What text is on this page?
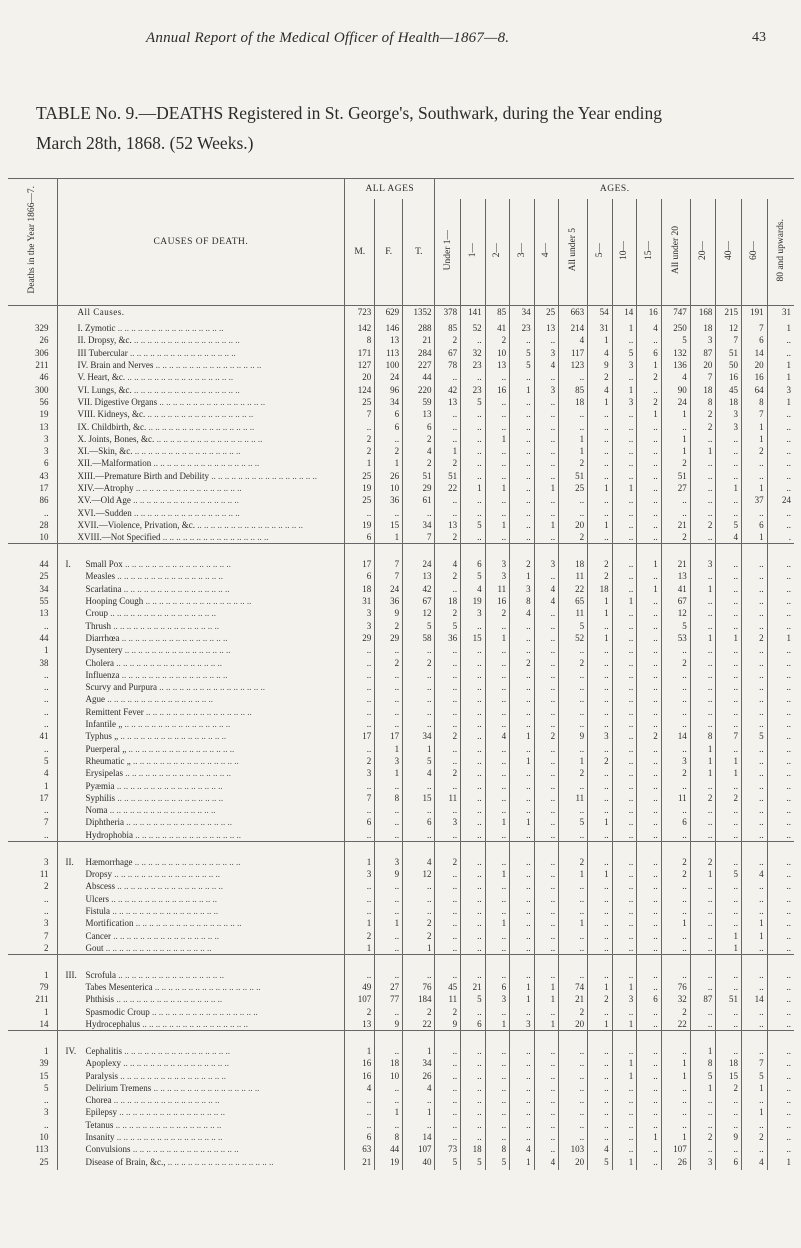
Annual Report of the Medical Officer of Health—1867—8.	43
TABLE No. 9.—DEATHS Registered in St. George's, Southwark, during the Year ending
March 28th, 1868. (52 Weeks.)
Deaths in the Year 1866—7.	CAUSES OF DEATH.	ALL AGES			AGES.													
		M.	F.	T.	Under 1—	1—	2—	3—	4—	All under 5	5—	10—	15—	All under 20	20—	40—	60—	80 and upwards.
	All Causes.	723	629	1352	378	141	85	34	25	663	54	14	16	747	168	215	191	31

329	I. Zymotic .. .. .. .. .. .. .. .. .. .. .. .. .. .. .. ..	142	146	288	85	52	41	23	13	214	31	1	4	250	18	12	7	1
26	II. Dropsy, &c. .. .. .. .. .. .. .. .. .. .. .. .. .. .. .. ..	8	13	21	2	..	2	..	..	4	1	..	..	5	3	7	6	..
306	III Tubercular .. .. .. .. .. .. .. .. .. .. .. .. .. .. .. ..	171	113	284	67	32	10	5	3	117	4	5	6	132	87	51	14	..
211	IV. Brain and Nerves .. .. .. .. .. .. .. .. .. .. .. .. .. .. .. ..	127	100	227	78	23	13	5	4	123	9	3	1	136	20	50	20	1
46	V. Heart, &c. .. .. .. .. .. .. .. .. .. .. .. .. .. .. .. ..	20	24	44	..	..	..	..	..	..	2	..	2	4	7	16	16	1
300	VI. Lungs, &c. .. .. .. .. .. .. .. .. .. .. .. .. .. .. .. ..	124	96	220	42	23	16	1	3	85	4	1	..	90	18	45	64	3
56	VII. Digestive Organs .. .. .. .. .. .. .. .. .. .. .. .. .. .. .. ..	25	34	59	13	5	..	..	..	18	1	3	2	24	8	18	8	1
19	VIII. Kidneys, &c. .. .. .. .. .. .. .. .. .. .. .. .. .. .. .. ..	7	6	13	..	..	..	..	..	..	..	..	1	1	2	3	7	..
13	IX. Childbirth, &c. .. .. .. .. .. .. .. .. .. .. .. .. .. .. .. ..	..	6	6	..	..	..	..	..	..	..	..	..	..	2	3	1	..
3	X. Joints, Bones, &c. .. .. .. .. .. .. .. .. .. .. .. .. .. .. .. ..	2	..	2	..	..	1	..	..	1	..	..	..	1	..	..	1	..
3	XI.—Skin, &c. .. .. .. .. .. .. .. .. .. .. .. .. .. .. .. ..	2	2	4	1	..	..	..	..	1	..	..	..	1	1	..	2	..
6	XII.—Malformation .. .. .. .. .. .. .. .. .. .. .. .. .. .. .. ..	1	1	2	2	..	..	..	..	2	..	..	..	2	..	..	..	..
43	XIII.—Premature Birth and Debility .. .. .. .. .. .. .. .. .. .. .. .. .. .. .. ..	25	26	51	51	..	..	..	..	51	..	..	..	51	..	..	..	..
17	XIV.—Atrophy .. .. .. .. .. .. .. .. .. .. .. .. .. .. .. ..	19	10	29	22	1	1	..	1	25	1	1	..	27	..	1	1	..
86	XV.—Old Age .. .. .. .. .. .. .. .. .. .. .. .. .. .. .. ..	25	36	61	..	..	..	..	..	..	..	..	..	..	..	..	37	24
..	XVI.—Sudden .. .. .. .. .. .. .. .. .. .. .. .. .. .. .. ..	..	..	..	..	..	..	..	..	..	..	..	..	..	..	..	..	..
28	XVII.—Violence, Privation, &c. .. .. .. .. .. .. .. .. .. .. .. .. .. .. .. ..	19	15	34	13	5	1	..	1	20	1	..	..	21	2	5	6	..
10	XVIII.—Not Specified .. .. .. .. .. .. .. .. .. .. .. .. .. .. .. ..	6	1	7	2	..	..	..	..	2	..	..	..	2	..	4	1	.

44	I. Small Pox .. .. .. .. .. .. .. .. .. .. .. .. .. .. .. ..	17	7	24	4	6	3	2	3	18	2	..	1	21	3	..	..	..
25	Measles .. .. .. .. .. .. .. .. .. .. .. .. .. .. .. ..	6	7	13	2	5	3	1	..	11	2	..	..	13	..	..	..	..
34	Scarlatina .. .. .. .. .. .. .. .. .. .. .. .. .. .. .. ..	18	24	42	..	4	11	3	4	22	18	..	1	41	1	..	..	..
55	Hooping Cough .. .. .. .. .. .. .. .. .. .. .. .. .. .. .. ..	31	36	67	18	19	16	8	4	65	1	1	..	67	..	..	..	..
13	Croup .. .. .. .. .. .. .. .. .. .. .. .. .. .. .. ..	3	9	12	2	3	2	4	..	11	1	..	..	12	..	..	..	..
..	Thrush .. .. .. .. .. .. .. .. .. .. .. .. .. .. .. ..	3	2	5	5	..	..	..	..	5	..	..	..	5	..	..	..	..
44	Diarrhœa .. .. .. .. .. .. .. .. .. .. .. .. .. .. .. ..	29	29	58	36	15	1	..	..	52	1	..	..	53	1	1	2	1
1	Dysentery .. .. .. .. .. .. .. .. .. .. .. .. .. .. .. ..	..	..	..	..	..	..	..	..	..	..	..	..	..	..	..	..	..
38	Cholera .. .. .. .. .. .. .. .. .. .. .. .. .. .. .. ..	..	2	2	..	..	..	2	..	2	..	..	..	2	..	..	..	..
..	Influenza .. .. .. .. .. .. .. .. .. .. .. .. .. .. .. ..	..	..	..	..	..	..	..	..	..	..	..	..	..	..	..	..	..
..	Scurvy and Purpura .. .. .. .. .. .. .. .. .. .. .. .. .. .. .. ..	..	..	..	..	..	..	..	..	..	..	..	..	..	..	..	..	..
..	Ague .. .. .. .. .. .. .. .. .. .. .. .. .. .. .. ..	..	..	..	..	..	..	..	..	..	..	..	..	..	..	..	..	..
..	Remittent Fever .. .. .. .. .. .. .. .. .. .. .. .. .. .. .. ..	..	..	..	..	..	..	..	..	..	..	..	..	..	..	..	..	..
..	Infantile „ .. .. .. .. .. .. .. .. .. .. .. .. .. .. .. ..	..	..	..	..	..	..	..	..	..	..	..	..	..	..	..	..	..
41	Typhus „ .. .. .. .. .. .. .. .. .. .. .. .. .. .. .. ..	17	17	34	2	..	4	1	2	9	3	..	2	14	8	7	5	..
..	Puerperal „ .. .. .. .. .. .. .. .. .. .. .. .. .. .. .. ..	..	1	1	..	..	..	..	..	..	..	..	..	..	1	..	..	..
5	Rheumatic „ .. .. .. .. .. .. .. .. .. .. .. .. .. .. .. ..	2	3	5	..	..	..	1	..	1	2	..	..	3	1	1	..	..
4	Erysipelas .. .. .. .. .. .. .. .. .. .. .. .. .. .. .. ..	3	1	4	2	..	..	..	..	2	..	..	..	2	1	1	..	..
1	Pyæmia .. .. .. .. .. .. .. .. .. .. .. .. .. .. .. ..	..	..	..	..	..	..	..	..	..	..	..	..	..	..	..	..	..
17	Syphilis .. .. .. .. .. .. .. .. .. .. .. .. .. .. .. ..	7	8	15	11	..	..	..	..	11	..	..	..	11	2	2	..	..
..	Noma .. .. .. .. .. .. .. .. .. .. .. .. .. .. .. ..	..	..	..	..	..	..	..	..	..	..	..	..	..	..	..	..	..
7	Diphtheria .. .. .. .. .. .. .. .. .. .. .. .. .. .. .. ..	6	..	6	3	..	1	1	..	5	1	..	..	6	..	..	..	..
..	Hydrophobia .. .. .. .. .. .. .. .. .. .. .. .. .. .. .. ..	..	..	..	..	..	..	..	..	..	..	..	..	..	..	..	..	..

3	II. Hæmorrhage .. .. .. .. .. .. .. .. .. .. .. .. .. .. .. ..	1	3	4	2	..	..	..	..	2	..	..	..	2	2	..	..	..
11	Dropsy .. .. .. .. .. .. .. .. .. .. .. .. .. .. .. ..	3	9	12	..	..	1	..	..	1	1	..	..	2	1	5	4	..
2	Abscess .. .. .. .. .. .. .. .. .. .. .. .. .. .. .. ..	..	..	..	..	..	..	..	..	..	..	..	..	..	..	..	..	..
..	Ulcers .. .. .. .. .. .. .. .. .. .. .. .. .. .. .. ..	..	..	..	..	..	..	..	..	..	..	..	..	..	..	..	..	..
..	Fistula .. .. .. .. .. .. .. .. .. .. .. .. .. .. .. ..	..	..	..	..	..	..	..	..	..	..	..	..	..	..	..	..	..
3	Mortification .. .. .. .. .. .. .. .. .. .. .. .. .. .. .. ..	1	1	2	..	..	1	..	..	1	..	..	..	1	..	..	1	..
7	Cancer .. .. .. .. .. .. .. .. .. .. .. .. .. .. .. ..	2	..	2	..	..	..	..	..	..	..	..	..	..	..	1	1	..
2	Gout .. .. .. .. .. .. .. .. .. .. .. .. .. .. .. ..	1	..	1	..	..	..	..	..	..	..	..	..	..	..	1	..	..

1	III. Scrofula .. .. .. .. .. .. .. .. .. .. .. .. .. .. .. ..	..	..	..	..	..	..	..	..	..	..	..	..	..	..	..	..	..
79	Tabes Mesenterica .. .. .. .. .. .. .. .. .. .. .. .. .. .. .. ..	49	27	76	45	21	6	1	1	74	1	1	..	76	..	..	..	..
211	Phthisis .. .. .. .. .. .. .. .. .. .. .. .. .. .. .. ..	107	77	184	11	5	3	1	1	21	2	3	6	32	87	51	14	..
1	Spasmodic Croup .. .. .. .. .. .. .. .. .. .. .. .. .. .. .. ..	2	..	2	2	..	..	..	..	2	..	..	..	2	..	..	..	..
14	Hydrocephalus .. .. .. .. .. .. .. .. .. .. .. .. .. .. .. ..	13	9	22	9	6	1	3	1	20	1	1	..	22	..	..	..	..

1	IV. Cephalitis .. .. .. .. .. .. .. .. .. .. .. .. .. .. .. ..	1	..	1	..	..	..	..	..	..	..	..	..	..	1	..	..	..
39	Apoplexy .. .. .. .. .. .. .. .. .. .. .. .. .. .. .. ..	16	18	34	..	..	..	..	..	..	..	1	..	1	8	18	7	..
15	Paralysis .. .. .. .. .. .. .. .. .. .. .. .. .. .. .. ..	16	10	26	..	..	..	..	..	..	..	1	..	1	5	15	5	..
5	Delirium Tremens .. .. .. .. .. .. .. .. .. .. .. .. .. .. .. ..	4	..	4	..	..	..	..	..	..	..	..	..	..	1	2	1	..
..	Chorea .. .. .. .. .. .. .. .. .. .. .. .. .. .. .. ..	..	..	..	..	..	..	..	..	..	..	..	..	..	..	..	..	..
3	Epilepsy .. .. .. .. .. .. .. .. .. .. .. .. .. .. .. ..	..	1	1	..	..	..	..	..	..	..	..	..	..	..	..	1	..
..	Tetanus .. .. .. .. .. .. .. .. .. .. .. .. .. .. .. ..	..	..	..	..	..	..	..	..	..	..	..	..	..	..	..	..	..
10	Insanity .. .. .. .. .. .. .. .. .. .. .. .. .. .. .. ..	6	8	14	..	..	..	..	..	..	..	..	1	1	2	9	2	..
113	Convulsions .. .. .. .. .. .. .. .. .. .. .. .. .. .. .. ..	63	44	107	73	18	8	4	..	103	4	..	..	107	..	..	..	..
25	Disease of Brain, &c., .. .. .. .. .. .. .. .. .. .. .. .. .. .. .. ..	21	19	40	5	5	5	1	4	20	5	1	..	26	3	6	4	1
